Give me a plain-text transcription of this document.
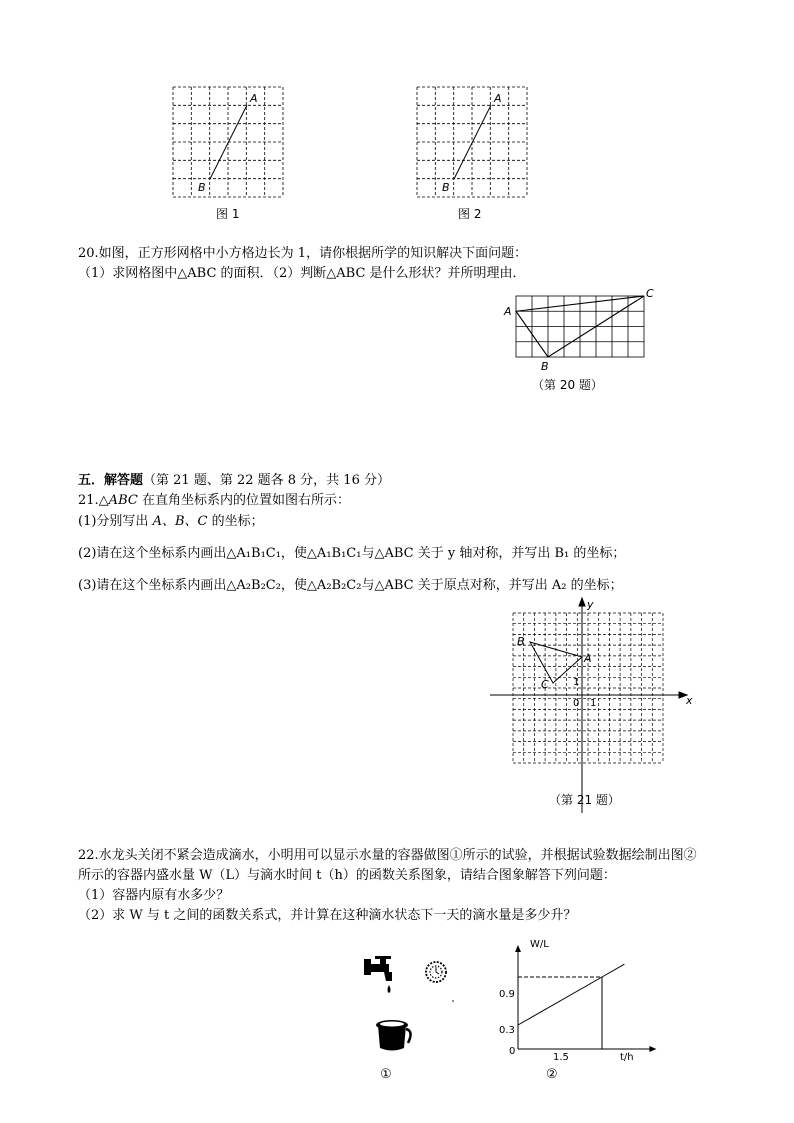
A
B
图 1
A
B
图 2
20.如图，正方形网格中小方格边长为 1，请你根据所学的知识解决下面问题：
（1）求网格图中△ABC 的面积．（2）判断△ABC 是什么形状？并所明理由．
A
B
C
（第 20 题）
五．解答题（第 21 题、第 22 题各 8 分，共 16 分）
21.△ABC 在直角坐标系内的位置如图右所示：
(1)分别写出 A、B、C 的坐标；
(2)请在这个坐标系内画出△A₁B₁C₁，使△A₁B₁C₁与△ABC 关于 y 轴对称，并写出 B₁ 的坐标；
(3)请在这个坐标系内画出△A₂B₂C₂，使△A₂B₂C₂与△ABC 关于原点对称，并写出 A₂ 的坐标；
y
x
B
A
C
0 1
1
（第 21 题）
22.水龙头关闭不紧会造成滴水，小明用可以显示水量的容器做图①所示的试验，并根据试验数据绘制出图②
所示的容器内盛水量 W（L）与滴水时间 t（h）的函数关系图象，请结合图象解答下列问题：
（1）容器内原有水多少？
（2）求 W 与 t 之间的函数关系式，并计算在这种滴水状态下一天的滴水量是多少升？
①
W/L
t/h
0.9
0.3
0
1.5
②
